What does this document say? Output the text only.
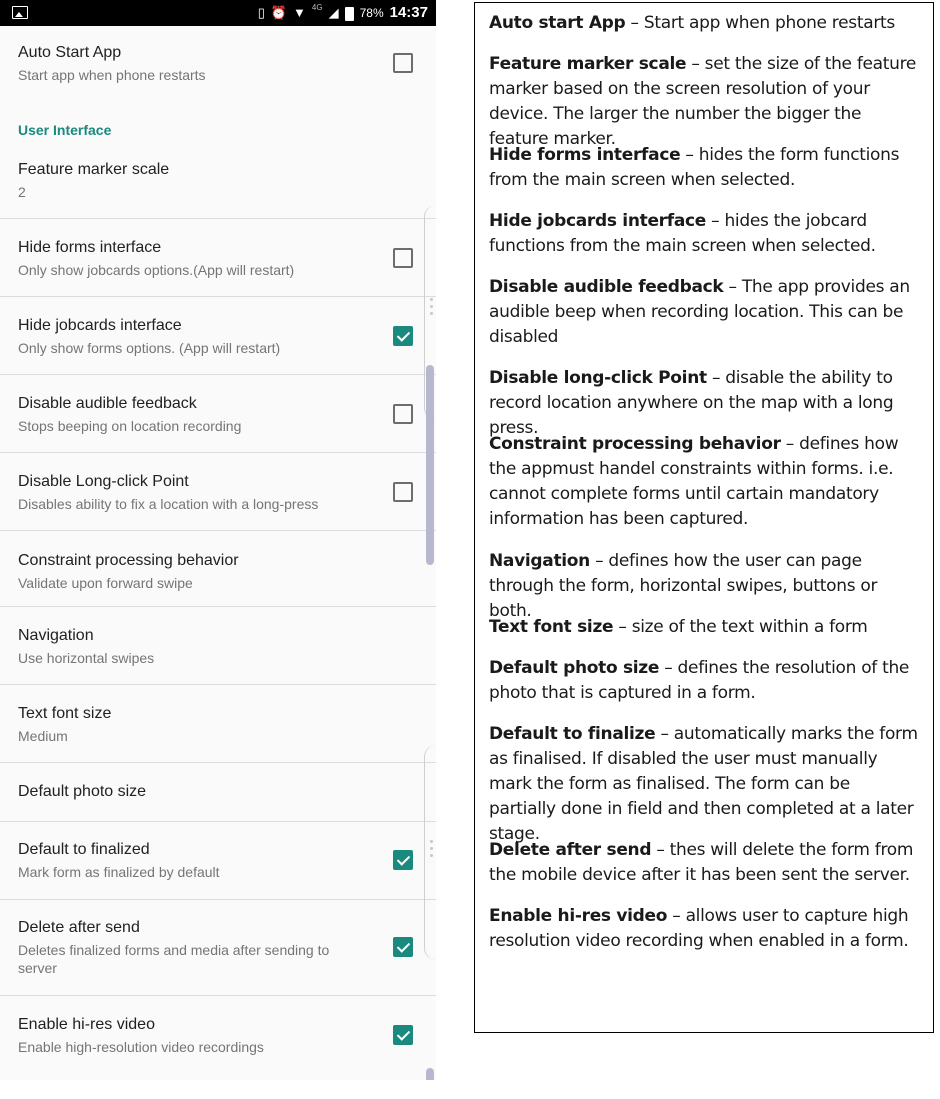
▯ ⏰ ▼ 4G ◢ 78% 14:37
Auto Start App
Start app when phone restarts
User Interface
Feature marker scale
2
Hide forms interface
Only show jobcards options.(App will restart)
Hide jobcards interface
Only show forms options. (App will restart)
Disable audible feedback
Stops beeping on location recording
Disable Long-click Point
Disables ability to fix a location with a long-press
Constraint processing behavior
Validate upon forward swipe
Navigation
Use horizontal swipes
Text font size
Medium
Default photo size
Default to finalized
Mark form as finalized by default
Delete after send
Deletes finalized forms and media after sending to server
Enable hi-res video
Enable high-resolution video recordings
Auto start App – Start app when phone restarts
Feature marker scale – set the size of the feature marker based on the screen resolution of your device. The larger the number the bigger the feature marker.
Hide forms interface – hides the form functions from the main screen when selected.
Hide jobcards interface – hides the jobcard functions from the main screen when selected.
Disable audible feedback – The app provides an audible beep when recording location. This can be disabled
Disable long-click Point – disable the ability to record location anywhere on the map with a long press.
Constraint processing behavior – defines how the appmust handel constraints within forms. i.e. cannot complete forms until cartain mandatory information has been captured.
Navigation – defines how the user can page through the form, horizontal swipes, buttons or both.
Text font size – size of the text within a form
Default photo size – defines the resolution of the photo that is captured in a form.
Default to finalize – automatically marks the form as finalised. If disabled the user must manually mark the form as finalised. The form can be partially done in field and then completed at a later stage.
Delete after send – thes will delete the form from the mobile device after it has been sent the server.
Enable hi-res video – allows user to capture high resolution video recording when enabled in a form.
